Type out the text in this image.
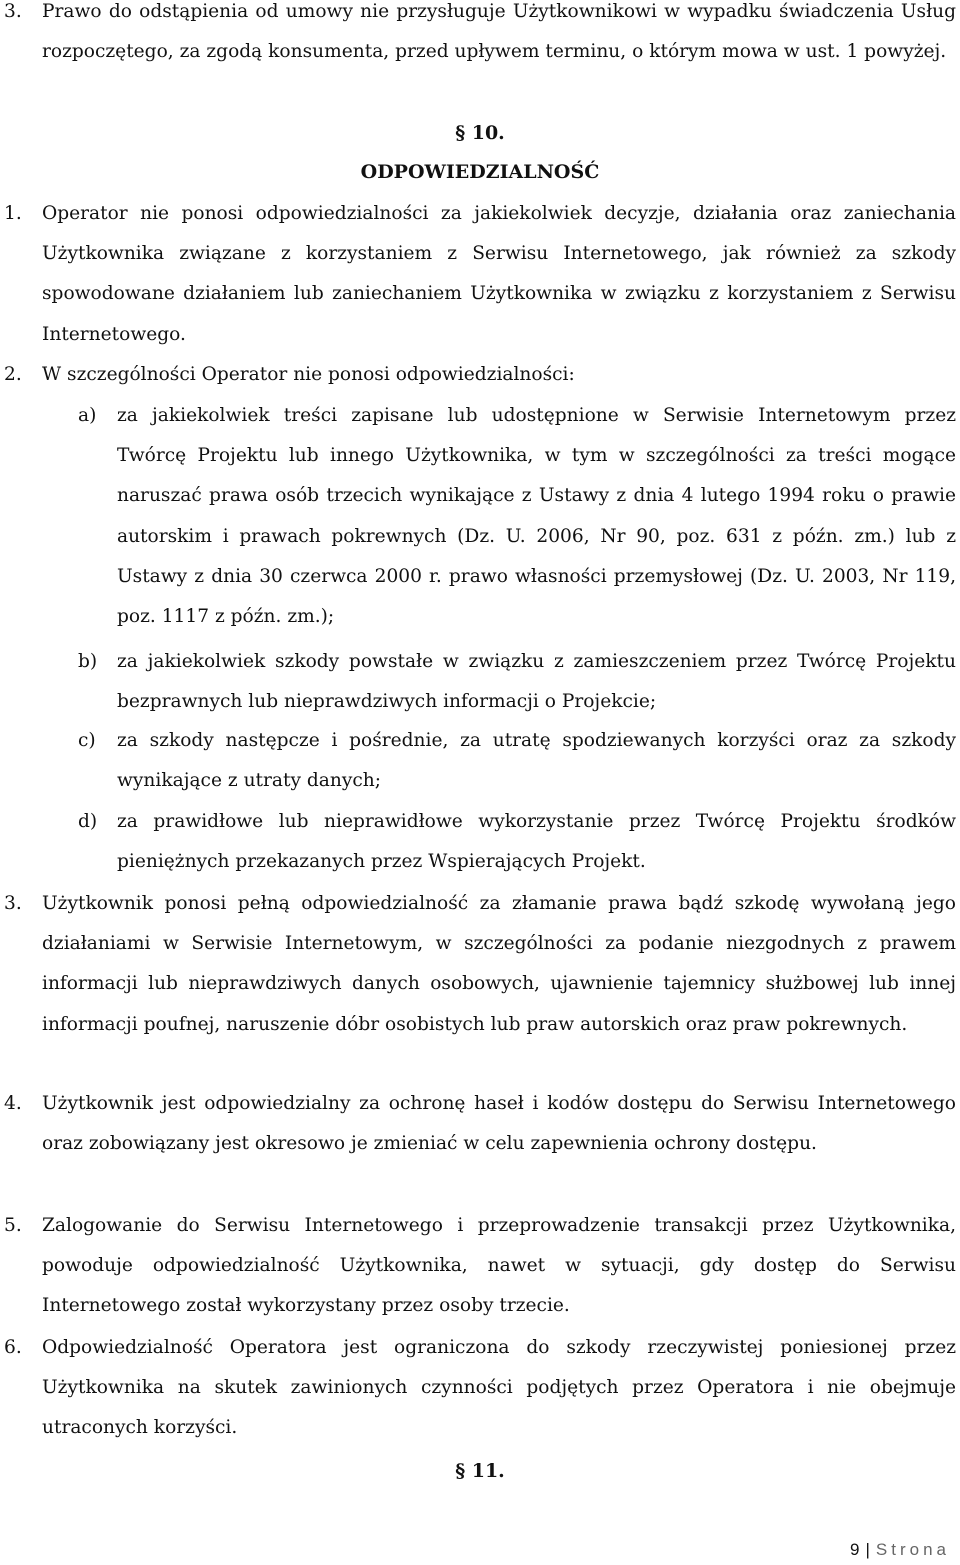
3. Prawo do odstąpienia od umowy nie przysługuje Użytkownikowi w wypadku świadczenia Usług rozpoczętego, za zgodą konsumenta, przed upływem terminu, o którym mowa w ust. 1 powyżej.
§ 10.
ODPOWIEDZIALNOŚĆ
1. Operator nie ponosi odpowiedzialności za jakiekolwiek decyzje, działania oraz zaniechania Użytkownika związane z korzystaniem z Serwisu Internetowego, jak również za szkody spowodowane działaniem lub zaniechaniem Użytkownika w związku z korzystaniem z Serwisu Internetowego.
2. W szczególności Operator nie ponosi odpowiedzialności:
a) za jakiekolwiek treści zapisane lub udostępnione w Serwisie Internetowym przez Twórcę Projektu lub innego Użytkownika, w tym w szczególności za treści mogące naruszać prawa osób trzecich wynikające z Ustawy z dnia 4 lutego 1994 roku o prawie autorskim i prawach pokrewnych (Dz. U. 2006, Nr 90, poz. 631 z późn. zm.) lub z Ustawy z dnia 30 czerwca 2000 r. prawo własności przemysłowej (Dz. U. 2003, Nr 119, poz. 1117 z późn. zm.);
b) za jakiekolwiek szkody powstałe w związku z zamieszczeniem przez Twórcę Projektu bezprawnych lub nieprawdziwych informacji o Projekcie;
c) za szkody następcze i pośrednie, za utratę spodziewanych korzyści oraz za szkody wynikające z utraty danych;
d) za prawidłowe lub nieprawidłowe wykorzystanie przez Twórcę Projektu środków pieniężnych przekazanych przez Wspierających Projekt.
3. Użytkownik ponosi pełną odpowiedzialność za złamanie prawa bądź szkodę wywołaną jego działaniami w Serwisie Internetowym, w szczególności za podanie niezgodnych z prawem informacji lub nieprawdziwych danych osobowych, ujawnienie tajemnicy służbowej lub innej informacji poufnej, naruszenie dóbr osobistych lub praw autorskich oraz praw pokrewnych.
4. Użytkownik jest odpowiedzialny za ochronę haseł i kodów dostępu do Serwisu Internetowego oraz zobowiązany jest okresowo je zmieniać w celu zapewnienia ochrony dostępu.
5. Zalogowanie do Serwisu Internetowego i przeprowadzenie transakcji przez Użytkownika, powoduje odpowiedzialność Użytkownika, nawet w sytuacji, gdy dostęp do Serwisu Internetowego został wykorzystany przez osoby trzecie.
6. Odpowiedzialność Operatora jest ograniczona do szkody rzeczywistej poniesionej przez Użytkownika na skutek zawinionych czynności podjętych przez Operatora i nie obejmuje utraconych korzyści.
§ 11.
9 | Strona
